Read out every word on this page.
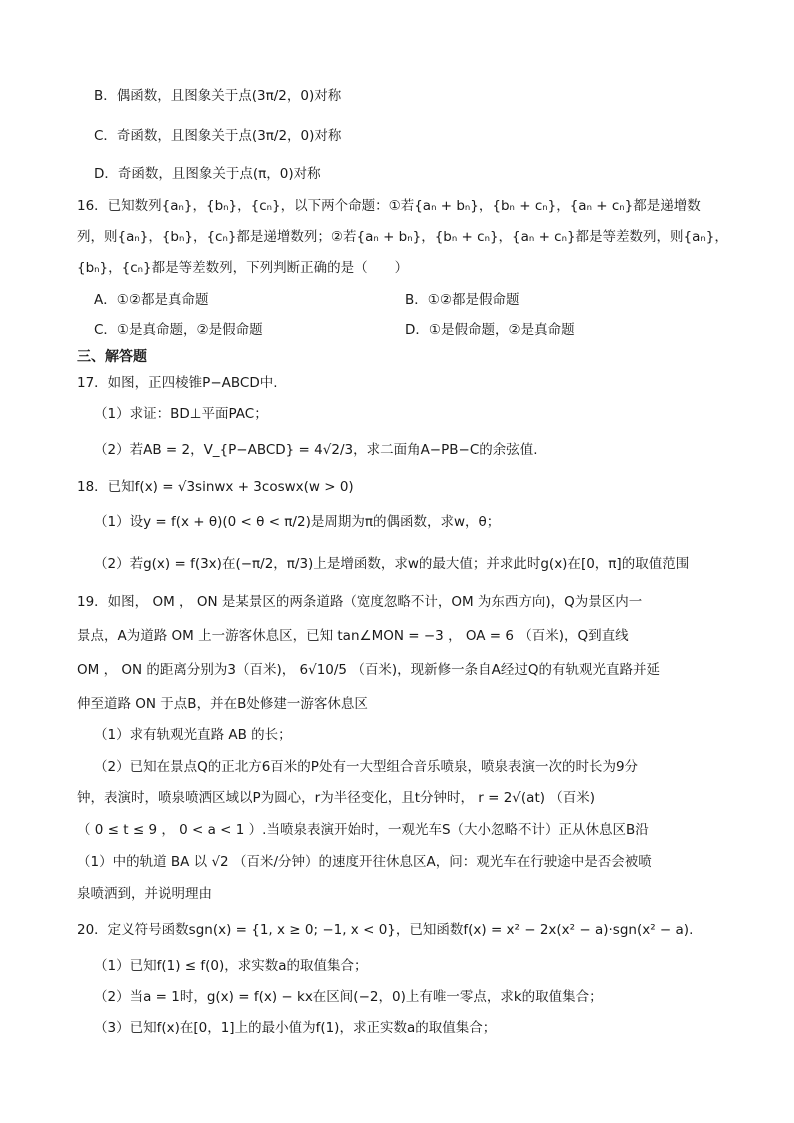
B．偶函数，且图象关于点(3π/2，0)对称
C．奇函数，且图象关于点(3π/2，0)对称
D．奇函数，且图象关于点(π，0)对称
16．已知数列{aₙ}，{bₙ}，{cₙ}，以下两个命题：①若{aₙ + bₙ}，{bₙ + cₙ}，{aₙ + cₙ}都是递增数
列，则{aₙ}，{bₙ}，{cₙ}都是递增数列；②若{aₙ + bₙ}，{bₙ + cₙ}，{aₙ + cₙ}都是等差数列，则{aₙ}，
{bₙ}，{cₙ}都是等差数列，下列判断正确的是（　　）
A．①②都是真命题	B．①②都是假命题
C．①是真命题，②是假命题	D．①是假命题，②是真命题
三、解答题
17．如图，正四棱锥P−ABCD中.
（1）求证：BD⊥平面PAC；
（2）若AB = 2，V_{P−ABCD} = 4√2/3，求二面角A−PB−C的余弦值.
18．已知f(x) = √3sinwx + 3coswx(w > 0)
（1）设y = f(x + θ)(0 < θ < π/2)是周期为π的偶函数，求w，θ；
（2）若g(x) = f(3x)在(−π/2，π/3)上是增函数，求w的最大值；并求此时g(x)在[0，π]的取值范围
19．如图， OM ， ON 是某景区的两条道路（宽度忽略不计，OM 为东西方向)，Q为景区内一
景点，A为道路 OM 上一游客休息区，已知 tan∠MON = −3 ， OA = 6 （百米)，Q到直线
OM ， ON 的距离分别为3（百米)， 6√10/5 （百米)，现新修一条自A经过Q的有轨观光直路并延
伸至道路 ON 于点B，并在B处修建一游客休息区
（1）求有轨观光直路 AB 的长；
（2）已知在景点Q的正北方6百米的P处有一大型组合音乐喷泉，喷泉表演一次的时长为9分
钟，表演时，喷泉喷洒区域以P为圆心，r为半径变化，且t分钟时， r = 2√(at) （百米)
（ 0 ≤ t ≤ 9 ， 0 < a < 1 ）.当喷泉表演开始时，一观光车S（大小忽略不计）正从休息区B沿
（1）中的轨道 BA 以 √2 （百米/分钟）的速度开往休息区A，问：观光车在行驶途中是否会被喷
泉喷洒到，并说明理由
20．定义符号函数sgn(x) = {1, x ≥ 0; −1, x < 0}，已知函数f(x) = x² − 2x(x² − a)·sgn(x² − a).
（1）已知f(1) ≤ f(0)，求实数a的取值集合；
（2）当a = 1时，g(x) = f(x) − kx在区间(−2，0)上有唯一零点，求k的取值集合；
（3）已知f(x)在[0，1]上的最小值为f(1)，求正实数a的取值集合；
